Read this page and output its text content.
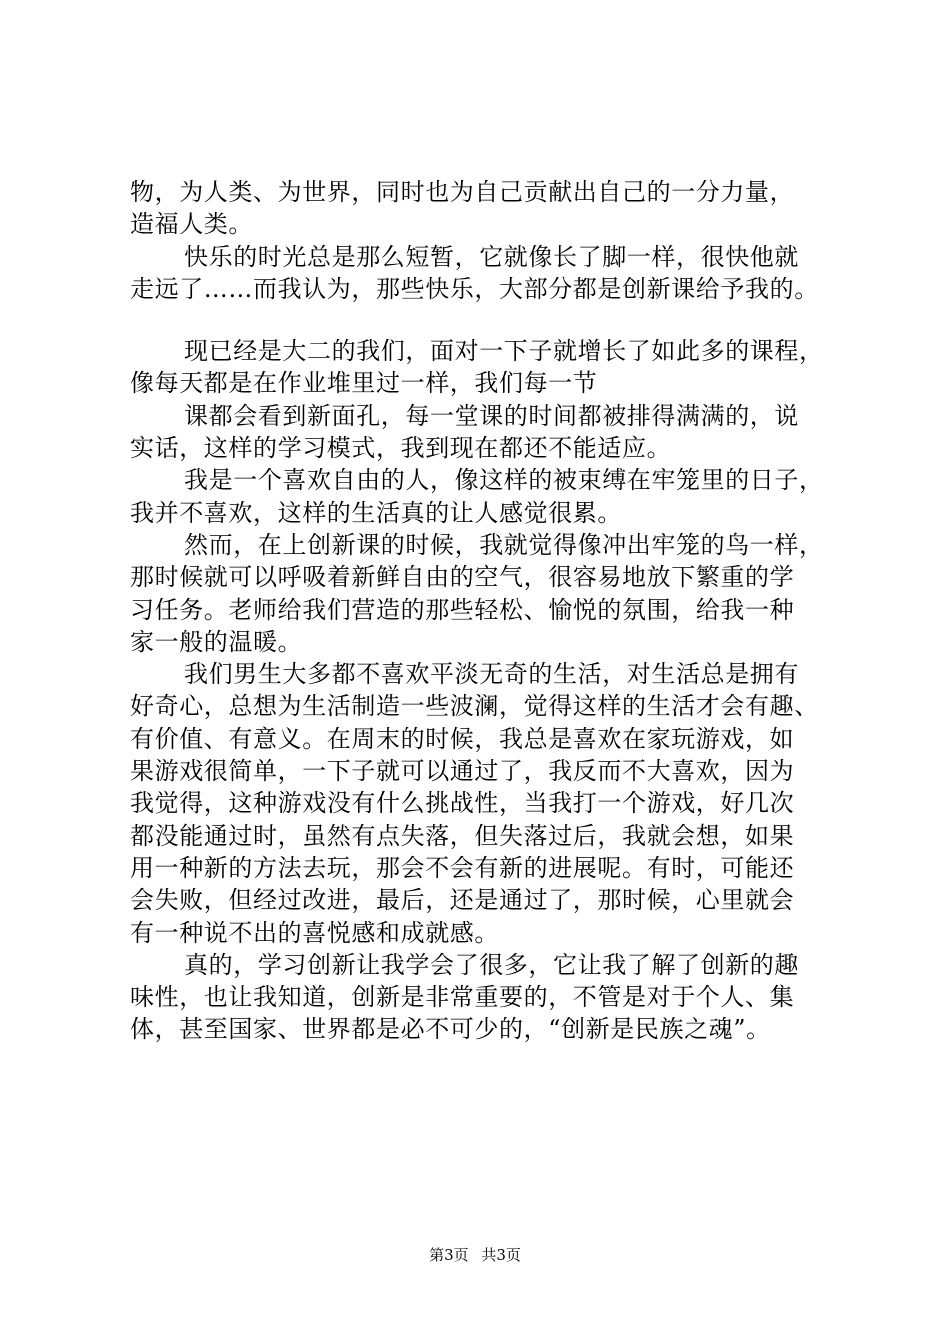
物，为人类、为世界，同时也为自己贡献出自己的一分力量，
造福人类。
快乐的时光总是那么短暂，它就像长了脚一样，很快他就
走远了……而我认为，那些快乐，大部分都是创新课给予我的。
现已经是大二的我们，面对一下子就增长了如此多的课程，
像每天都是在作业堆里过一样，我们每一节
课都会看到新面孔，每一堂课的时间都被排得满满的，说
实话，这样的学习模式，我到现在都还不能适应。
我是一个喜欢自由的人，像这样的被束缚在牢笼里的日子，
我并不喜欢，这样的生活真的让人感觉很累。
然而，在上创新课的时候，我就觉得像冲出牢笼的鸟一样，
那时候就可以呼吸着新鲜自由的空气，很容易地放下繁重的学
习任务。老师给我们营造的那些轻松、愉悦的氛围，给我一种
家一般的温暖。
我们男生大多都不喜欢平淡无奇的生活，对生活总是拥有
好奇心，总想为生活制造一些波澜，觉得这样的生活才会有趣、
有价值、有意义。在周末的时候，我总是喜欢在家玩游戏，如
果游戏很简单，一下子就可以通过了，我反而不大喜欢，因为
我觉得，这种游戏没有什么挑战性，当我打一个游戏，好几次
都没能通过时，虽然有点失落，但失落过后，我就会想，如果
用一种新的方法去玩，那会不会有新的进展呢。有时，可能还
会失败，但经过改进，最后，还是通过了，那时候，心里就会
有一种说不出的喜悦感和成就感。
真的，学习创新让我学会了很多，它让我了解了创新的趣
味性，也让我知道，创新是非常重要的，不管是对于个人、集
体，甚至国家、世界都是必不可少的，“创新是民族之魂”。
第3页 共3页
